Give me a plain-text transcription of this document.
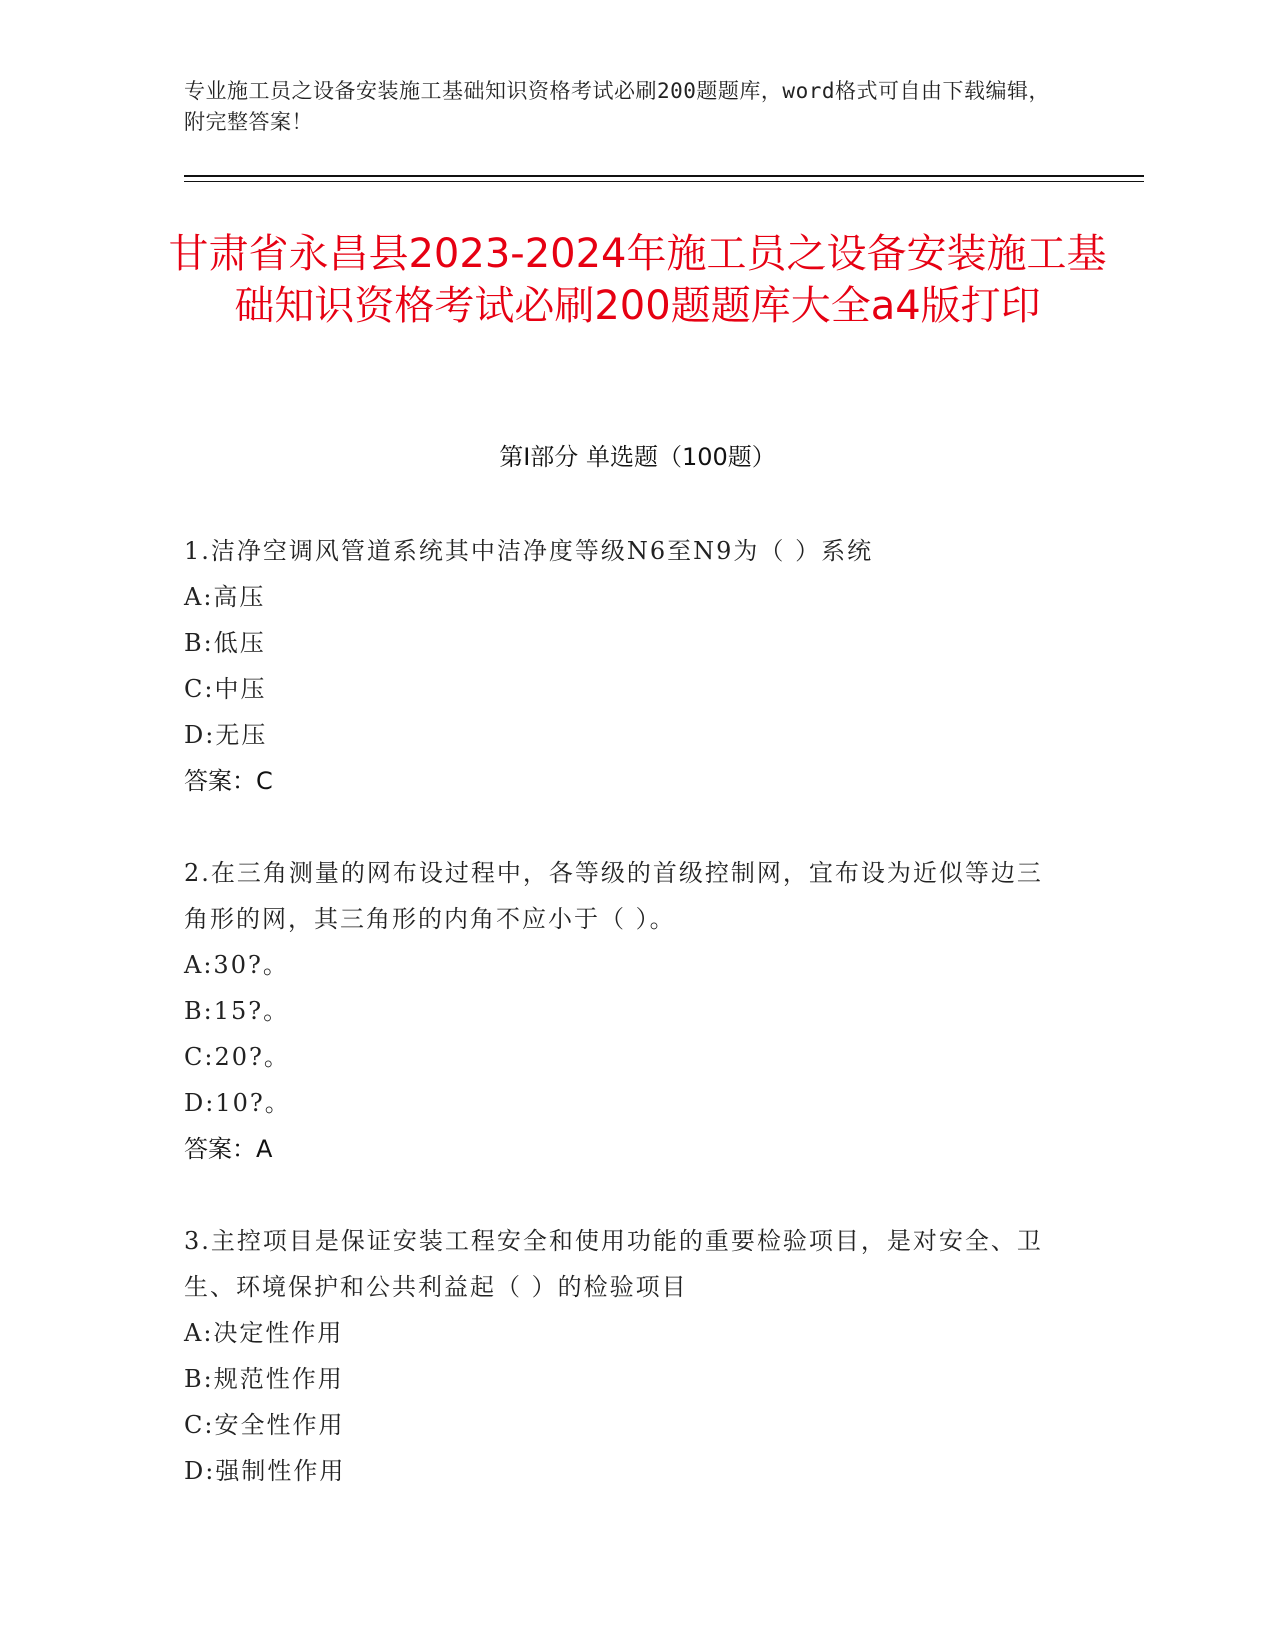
专业施工员之设备安装施工基础知识资格考试必刷200题题库，word格式可自由下载编辑，附完整答案！
甘肃省永昌县2023-2024年施工员之设备安装施工基础知识资格考试必刷200题题库大全a4版打印
第Ⅰ部分 单选题（100题）
1.洁净空调风管道系统其中洁净度等级N6至N9为（ ）系统
A:高压
B:低压
C:中压
D:无压
答案：C
2.在三角测量的网布设过程中，各等级的首级控制网，宜布设为近似等边三角形的网，其三角形的内角不应小于（ ）。
A:30?。
B:15?。
C:20?。
D:10?。
答案：A
3.主控项目是保证安装工程安全和使用功能的重要检验项目，是对安全、卫生、环境保护和公共利益起（ ）的检验项目
A:决定性作用
B:规范性作用
C:安全性作用
D:强制性作用
